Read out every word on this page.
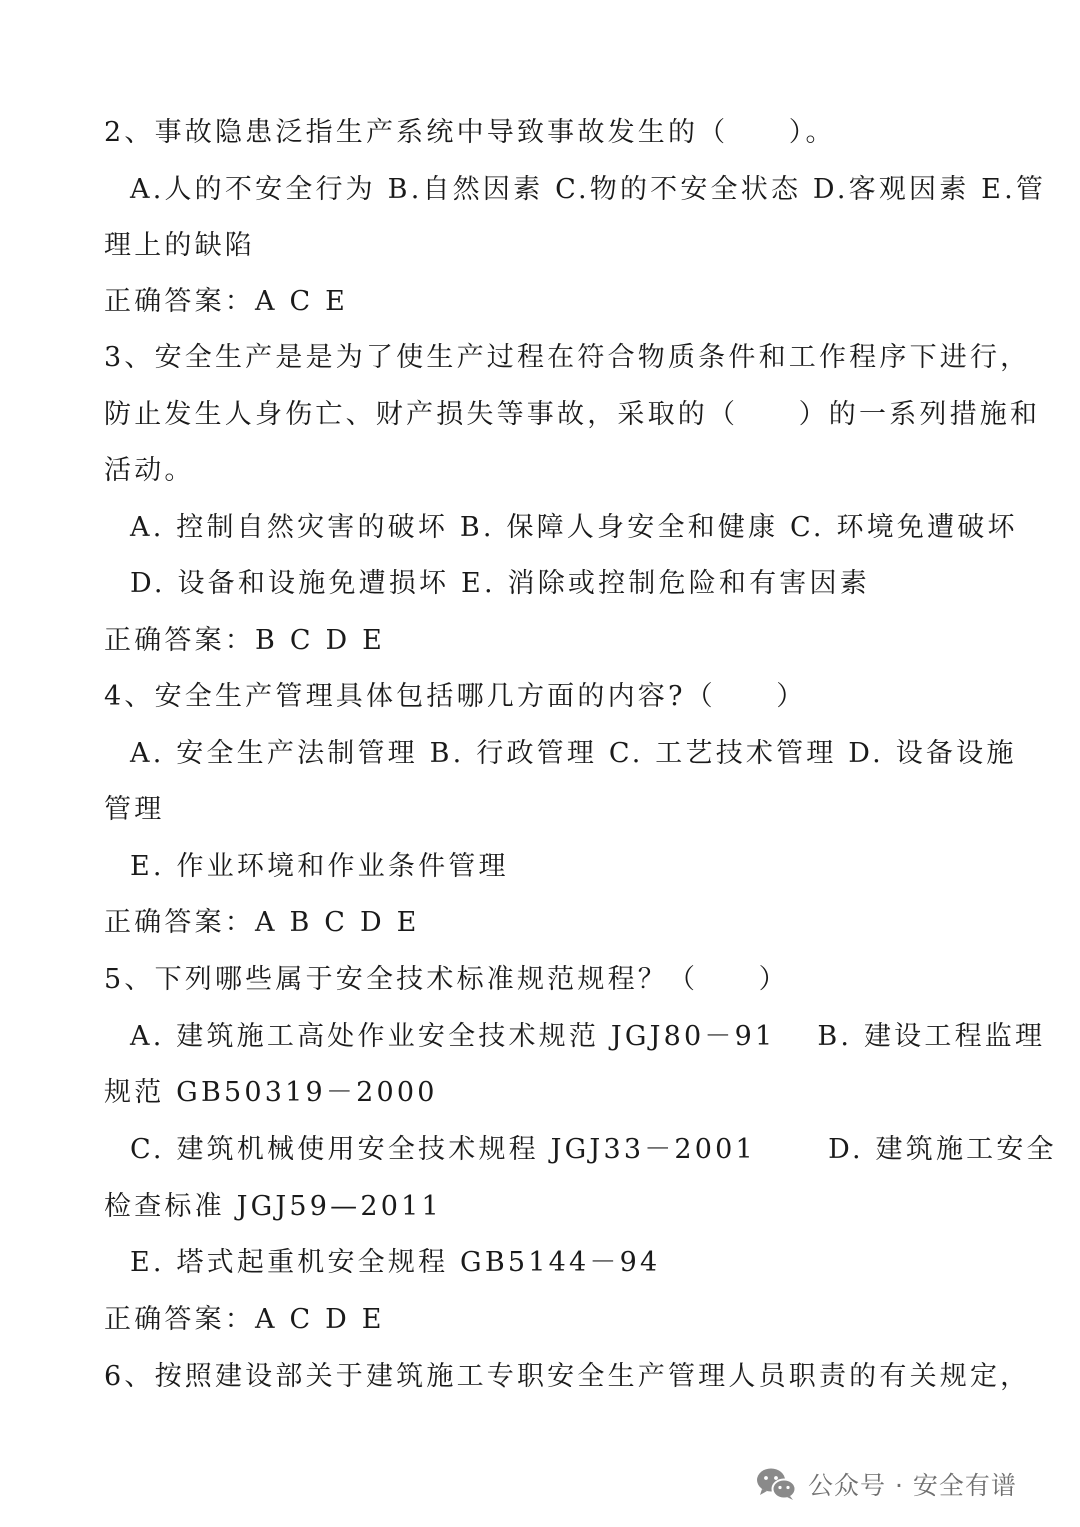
2、事故隐患泛指生产系统中导致事故发生的（　　）。
A.人的不安全行为 B.自然因素 C.物的不安全状态 D.客观因素 E.管
理上的缺陷
正确答案：A C E
3、安全生产是是为了使生产过程在符合物质条件和工作程序下进行，
防止发生人身伤亡、财产损失等事故，采取的（　　）的一系列措施和
活动。
A. 控制自然灾害的破坏 B. 保障人身安全和健康 C. 环境免遭破坏
D. 设备和设施免遭损坏 E. 消除或控制危险和有害因素
正确答案：B C D E
4、安全生产管理具体包括哪几方面的内容?（　　）
A. 安全生产法制管理 B. 行政管理 C. 工艺技术管理 D. 设备设施
管理
E. 作业环境和作业条件管理
正确答案：A B C D E
5、下列哪些属于安全技术标准规范规程？（　　）
A. 建筑施工高处作业安全技术规范 JGJ80－91　 B. 建设工程监理
规范 GB50319－2000
C. 建筑机械使用安全技术规程 JGJ33－2001　　 D. 建筑施工安全
检查标准 JGJ59—2011
E. 塔式起重机安全规程 GB5144－94
正确答案：A C D E
6、按照建设部关于建筑施工专职安全生产管理人员职责的有关规定，
公众号 · 安全有谱
